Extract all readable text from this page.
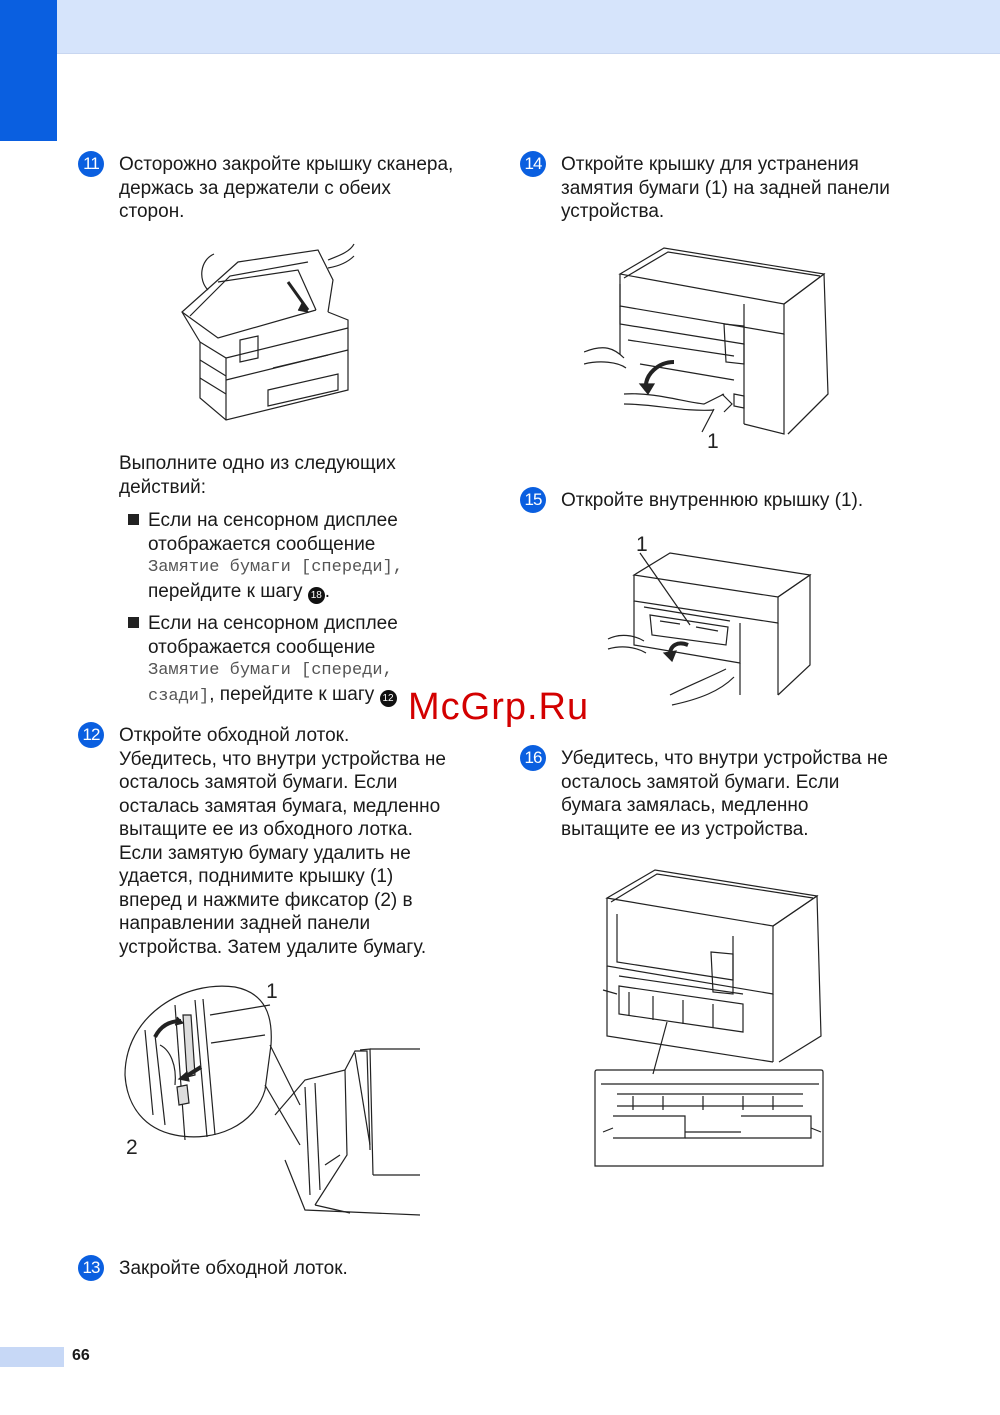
11 Осторожно закройте крышку сканера,
держась за держатели с обеих
сторон.
Выполните одно из следующих
действий:
Если на сенсорном дисплее
отображается сообщение
Замятие бумаги [спереди],
перейдите к шагу 18 .
Если на сенсорном дисплее
отображается сообщение
Замятие бумаги [спереди,
сзади], перейдите к шагу 12
12 Откройте обходной лоток.
Убедитесь, что внутри устройства не
осталось замятой бумаги. Если
осталась замятая бумага, медленно
вытащите ее из обходного лотка.
Если замятую бумагу удалить не
удается, поднимите крышку (1)
вперед и нажмите фиксатор (2) в
направлении задней панели
устройства. Затем удалите бумагу.
1
2
13 Закройте обходной лоток.
14 Откройте крышку для устранения
замятия бумаги (1) на задней панели
устройства.
1
15 Откройте внутреннюю крышку (1).
1
McGrp.Ru
16 Убедитесь, что внутри устройства не
осталось замятой бумаги. Если
бумага замялась, медленно
вытащите ее из устройства.
66
